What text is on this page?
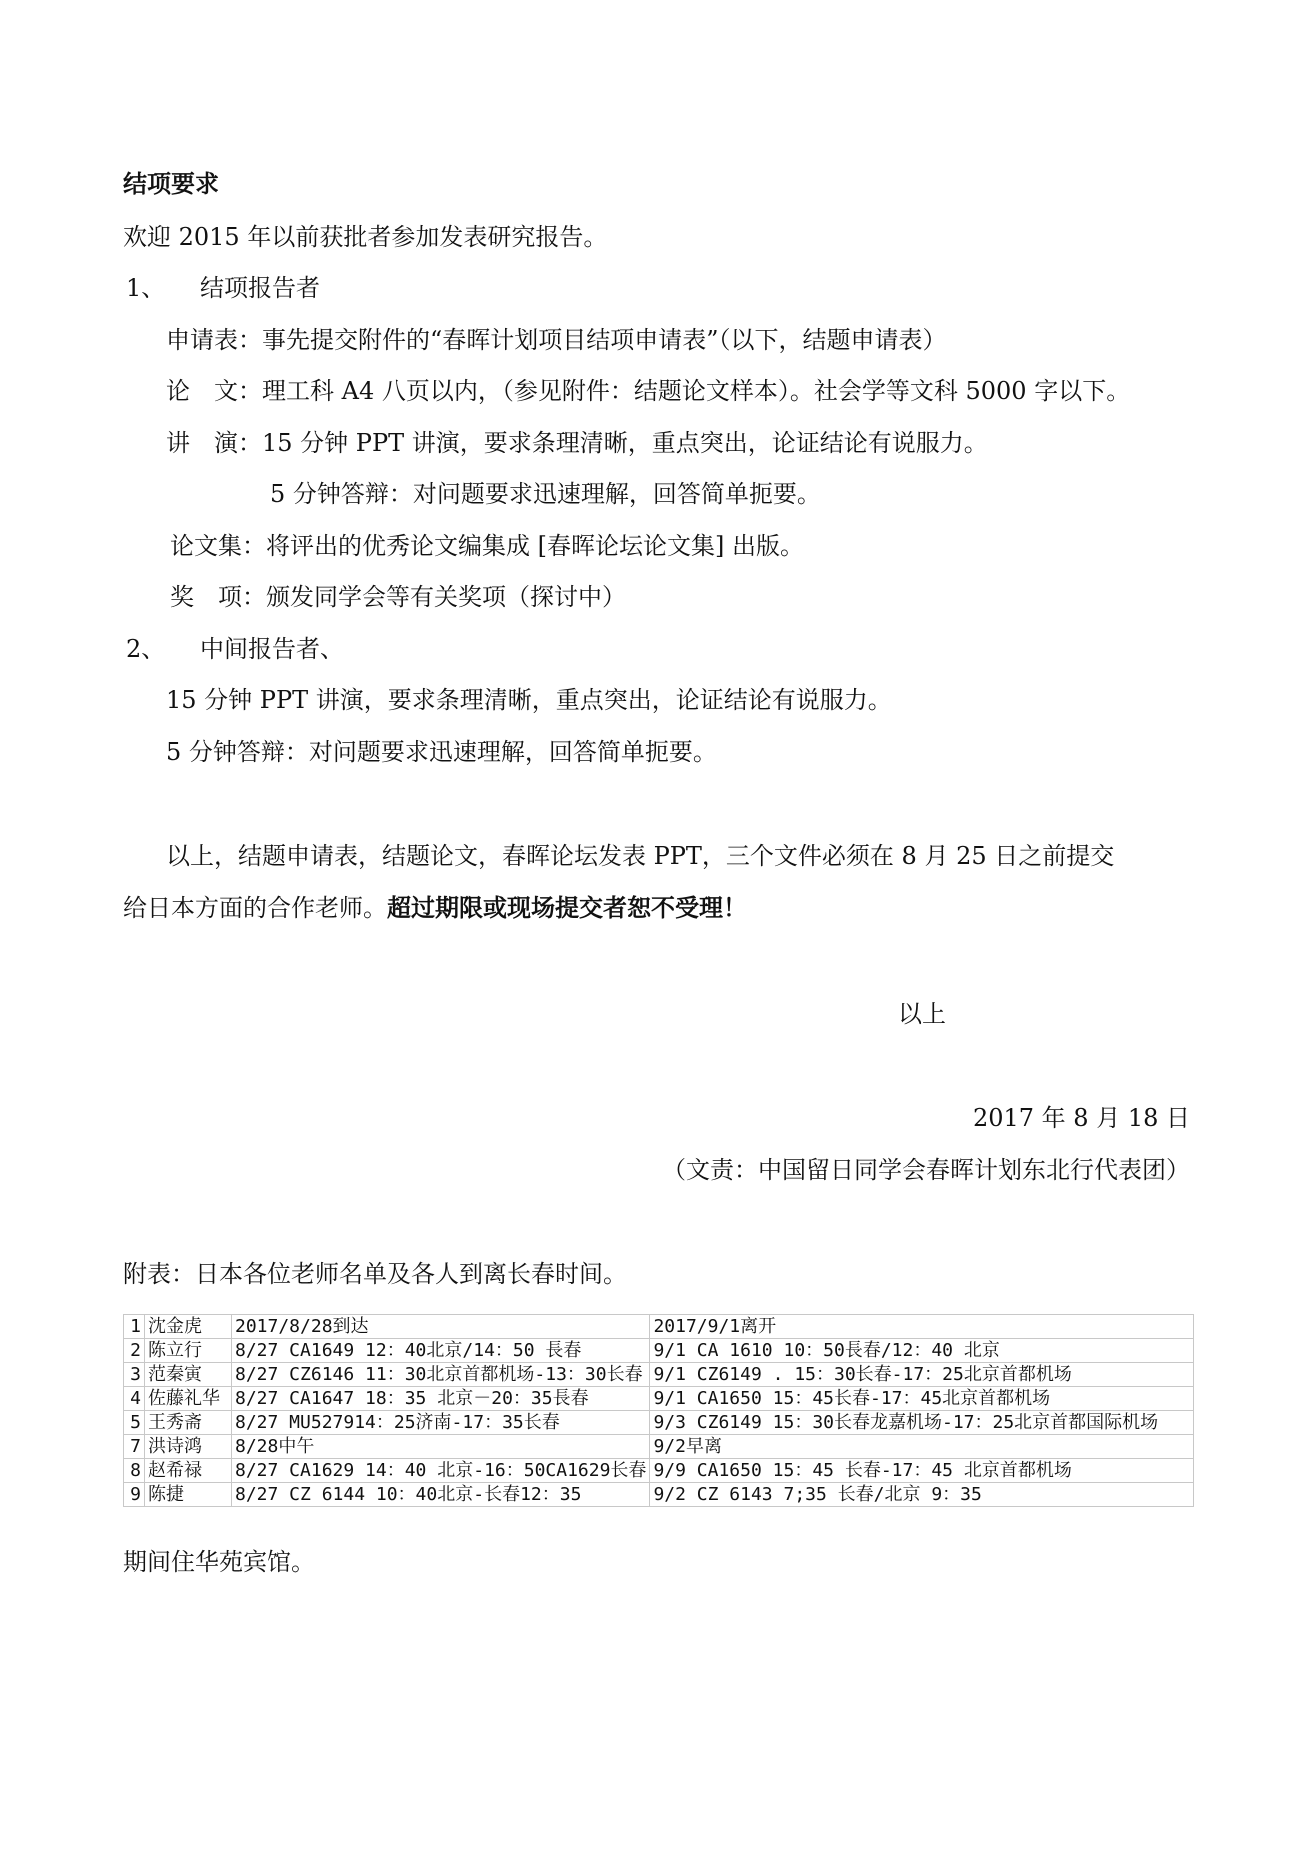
结项要求
欢迎 2015 年以前获批者参加发表研究报告。
1、 结项报告者
申请表：事先提交附件的“春晖计划项目结项申请表”（以下，结题申请表）
论　文：理工科 A4 八页以内，（参见附件：结题论文样本）。社会学等文科 5000 字以下。
讲　演：15 分钟 PPT 讲演，要求条理清晰，重点突出，论证结论有说服力。
5 分钟答辩：对问题要求迅速理解，回答简单扼要。
论文集：将评出的优秀论文编集成 [春晖论坛论文集] 出版。
奖　项：颁发同学会等有关奖项（探讨中）
2、 中间报告者、
15 分钟 PPT 讲演，要求条理清晰，重点突出，论证结论有说服力。
5 分钟答辩：对问题要求迅速理解，回答简单扼要。
以上，结题申请表，结题论文，春晖论坛发表 PPT，三个文件必须在 8 月 25 日之前提交
给日本方面的合作老师。超过期限或现场提交者恕不受理！
以上
2017 年 8 月 18 日
（文责：中国留日同学会春晖计划东北行代表团）
附表：日本各位老师名单及各人到离长春时间。
1	沈金虎	2017/8/28到达	2017/9/1离开
2	陈立行	8/27 CA1649 12：40北京/14：50 長春	9/1 CA 1610 10：50長春/12：40 北京
3	范秦寅	8/27 CZ6146 11：30北京首都机场-13：30长春	9/1 CZ6149 . 15：30长春-17：25北京首都机场
4	佐藤礼华	8/27 CA1647 18：35 北京－20：35長春	9/1 CA1650 15：45长春-17：45北京首都机场
5	王秀斋	8/27 MU527914：25济南-17：35长春	9/3 CZ6149 15：30长春龙嘉机场-17：25北京首都国际机场
7	洪诗鸿	8/28中午	9/2早离
8	赵希禄	8/27 CA1629 14：40 北京-16：50CA1629长春	9/9 CA1650 15：45 长春-17：45 北京首都机场
9	陈捷	8/27 CZ 6144 10：40北京-长春12：35	9/2 CZ 6143 7;35 长春/北京 9：35
期间住华苑宾馆。
